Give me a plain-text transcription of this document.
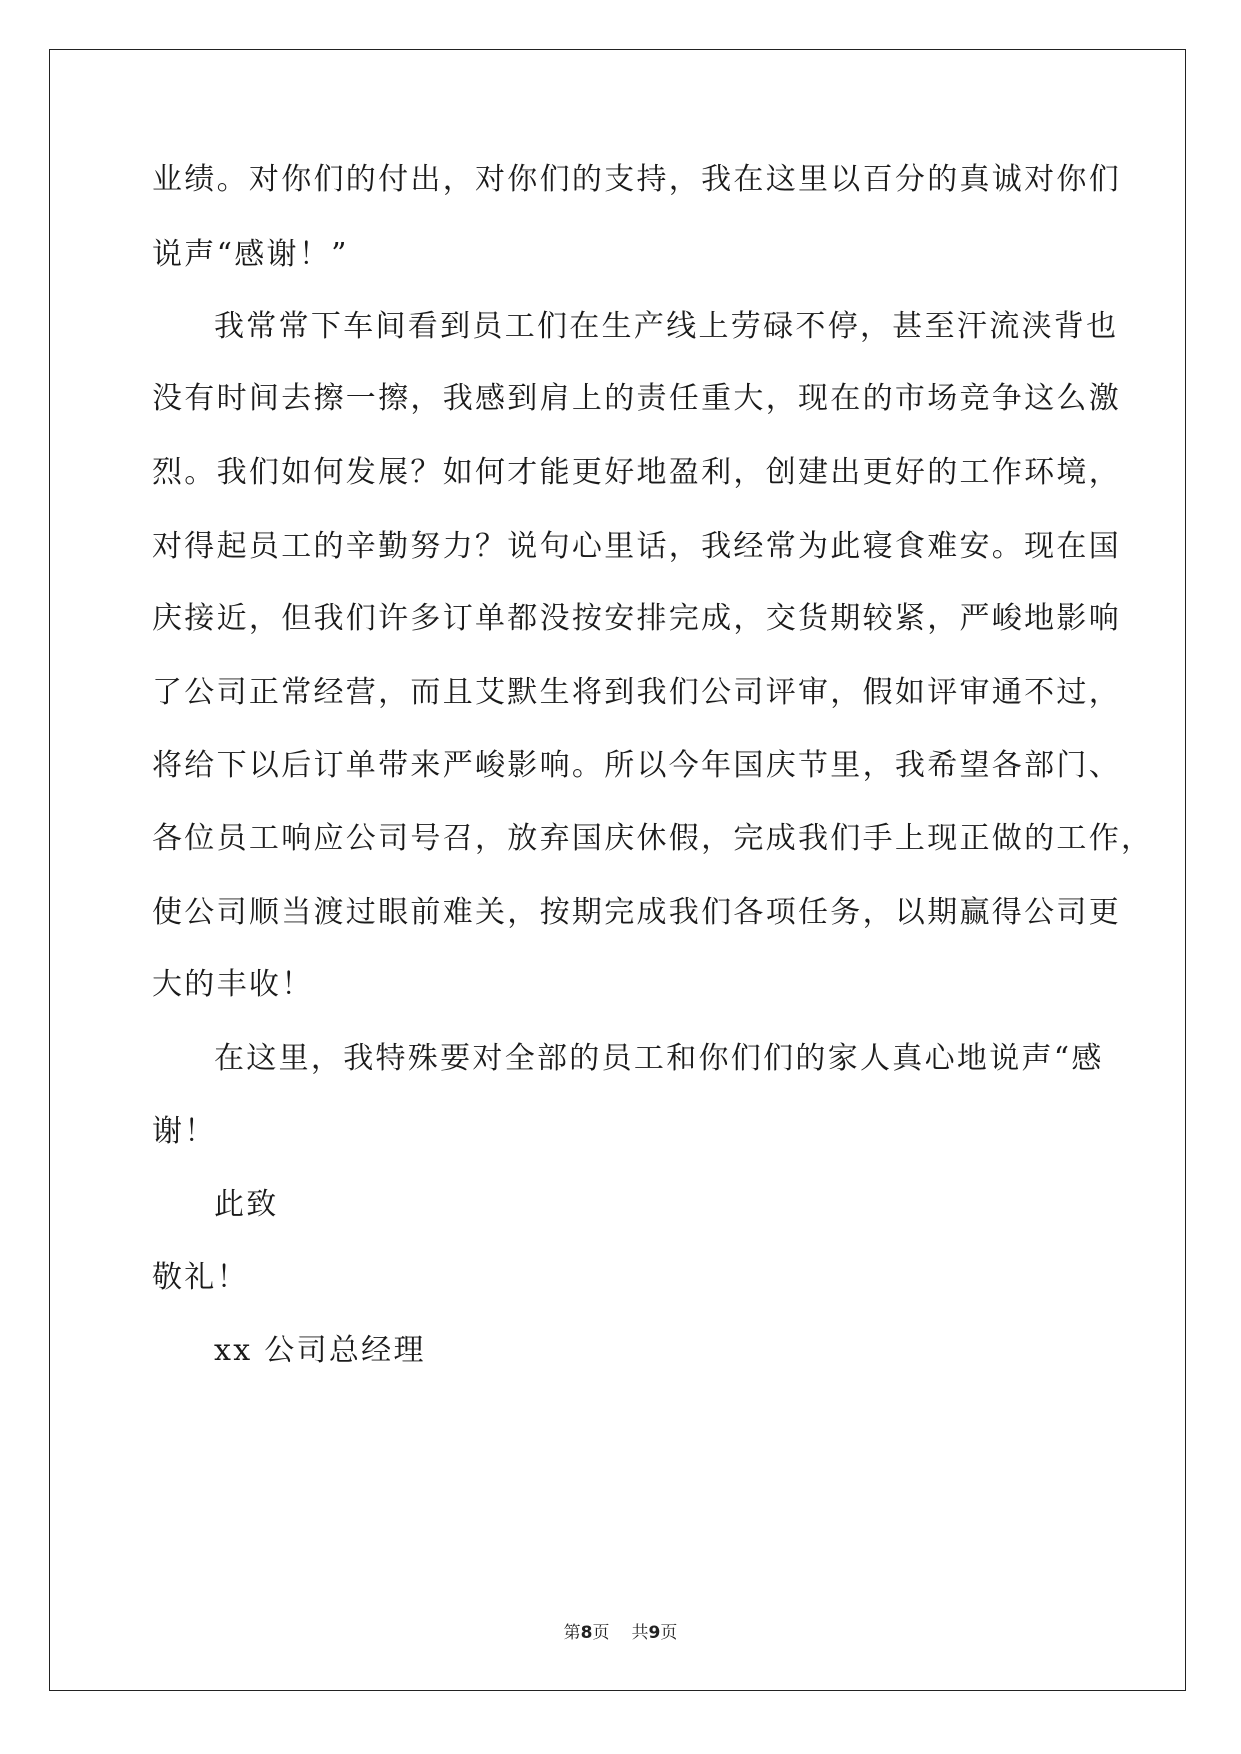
业绩。对你们的付出，对你们的支持，我在这里以百分的真诚对你们
说声“感谢！”
我常常下车间看到员工们在生产线上劳碌不停，甚至汗流浃背也
没有时间去擦一擦，我感到肩上的责任重大，现在的市场竞争这么激
烈。我们如何发展？如何才能更好地盈利，创建出更好的工作环境，
对得起员工的辛勤努力？说句心里话，我经常为此寝食难安。现在国
庆接近，但我们许多订单都没按安排完成，交货期较紧，严峻地影响
了公司正常经营，而且艾默生将到我们公司评审，假如评审通不过，
将给下以后订单带来严峻影响。所以今年国庆节里，我希望各部门、
各位员工响应公司号召，放弃国庆休假，完成我们手上现正做的工作，
使公司顺当渡过眼前难关，按期完成我们各项任务，以期赢得公司更
大的丰收！
在这里，我特殊要对全部的员工和你们们的家人真心地说声“感
谢！
此致
敬礼！
xx 公司总经理
第8页 共9页
